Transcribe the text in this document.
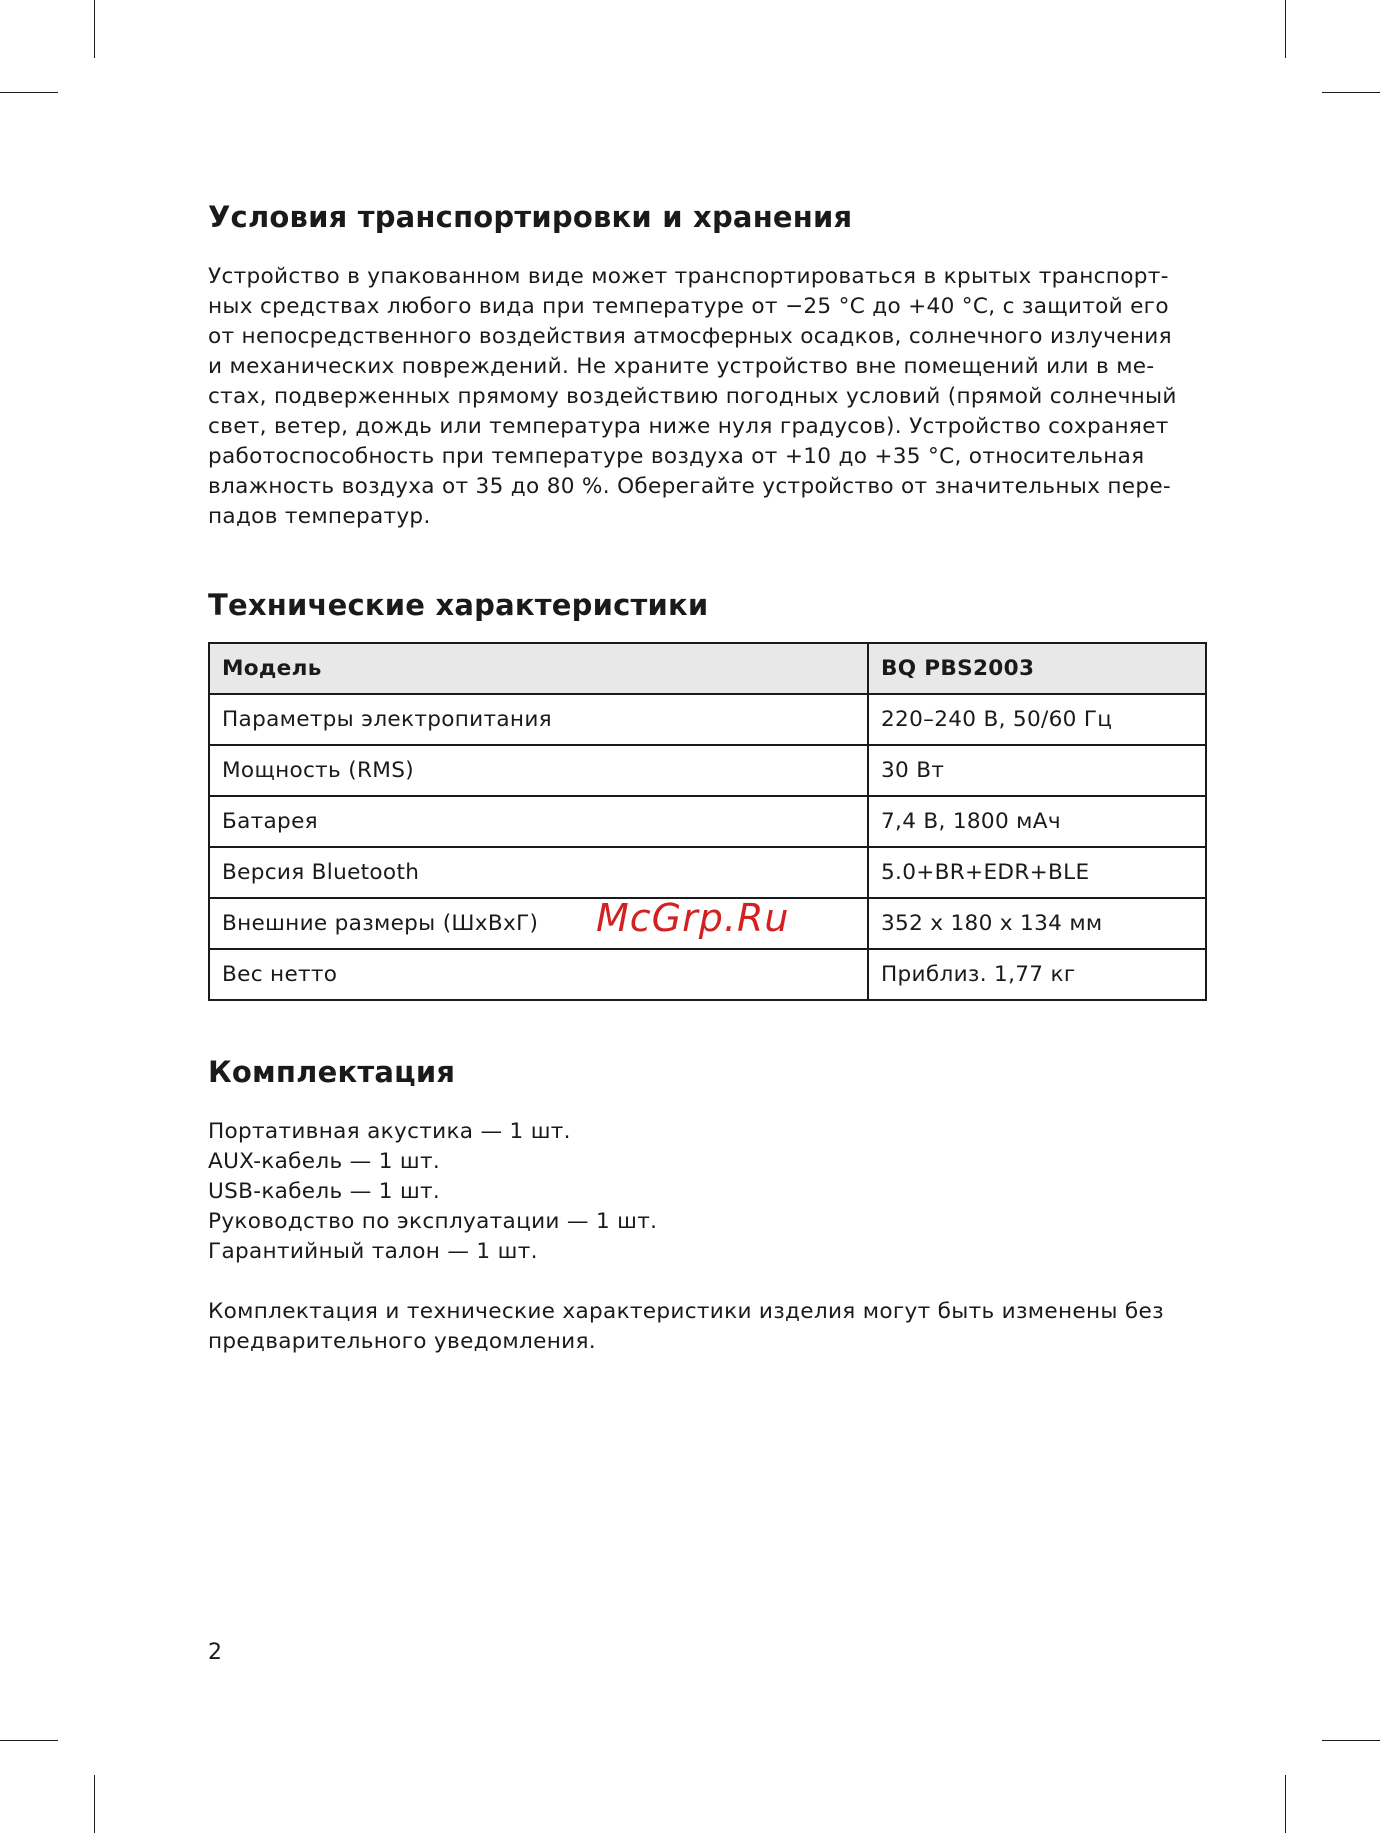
Условия транспортировки и хранения

Устройство в упакованном виде может транспортироваться в крытых транспорт-
ных средствах любого вида при температуре от −25 °С до +40 °С, с защитой его
от непосредственного воздействия атмосферных осадков, солнечного излучения
и механических повреждений. Не храните устройство вне помещений или в ме-
стах, подверженных прямому воздействию погодных условий (прямой солнечный
свет, ветер, дождь или температура ниже нуля градусов). Устройство сохраняет
работоспособность при температуре воздуха от +10 до +35 °С, относительная
влажность воздуха от 35 до 80 %. Оберегайте устройство от значительных пере-
падов температур.

Технические характеристики
Модель	BQ PBS2003
Параметры электропитания	220–240 В, 50/60 Гц
Мощность (RMS)	30 Вт
Батарея	7,4 В, 1800 мАч
Версия Bluetooth	5.0+BR+EDR+BLE
Внешние размеры (ШхВхГ)	352 х 180 х 134 мм
Вес нетто	Приблиз. 1,77 кг
Комплектация
Портативная акустика — 1 шт.
AUX-кабель — 1 шт.
USB-кабель — 1 шт.
Руководство по эксплуатации — 1 шт.
Гарантийный талон — 1 шт.

Комплектация и технические характеристики изделия могут быть изменены без
предварительного уведомления.

McGrp.Ru
2
